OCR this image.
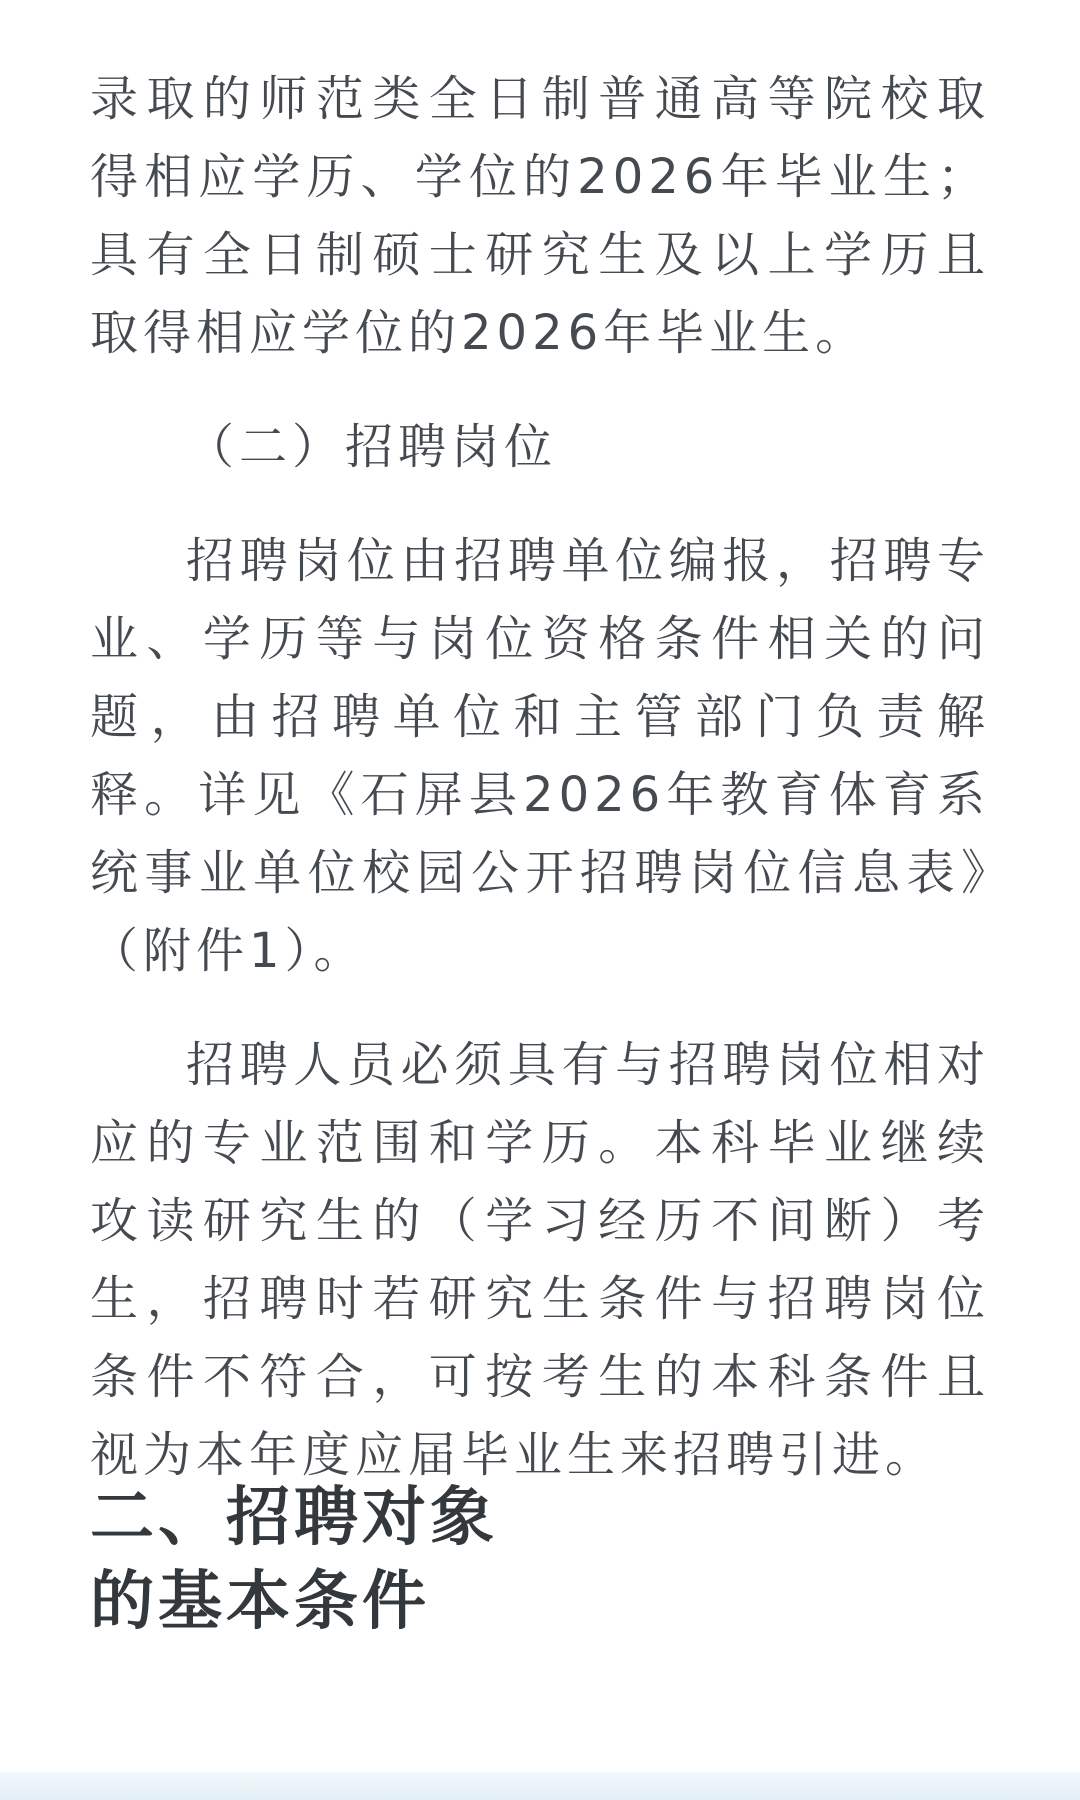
录取的师范类全日制普通高等院校取得相应学历、学位的2026年毕业生；具有全日制硕士研究生及以上学历且取得相应学位的2026年毕业生。

（二）招聘岗位

招聘岗位由招聘单位编报，招聘专业、学历等与岗位资格条件相关的问题，由招聘单位和主管部门负责解释。详见《石屏县2026年教育体育系统事业单位校园公开招聘岗位信息表》（附件1）。

招聘人员必须具有与招聘岗位相对应的专业范围和学历。本科毕业继续攻读研究生的（学习经历不间断）考生，招聘时若研究生条件与招聘岗位条件不符合，可按考生的本科条件且视为本年度应届毕业生来招聘引进。

二、招聘对象
的基本条件
